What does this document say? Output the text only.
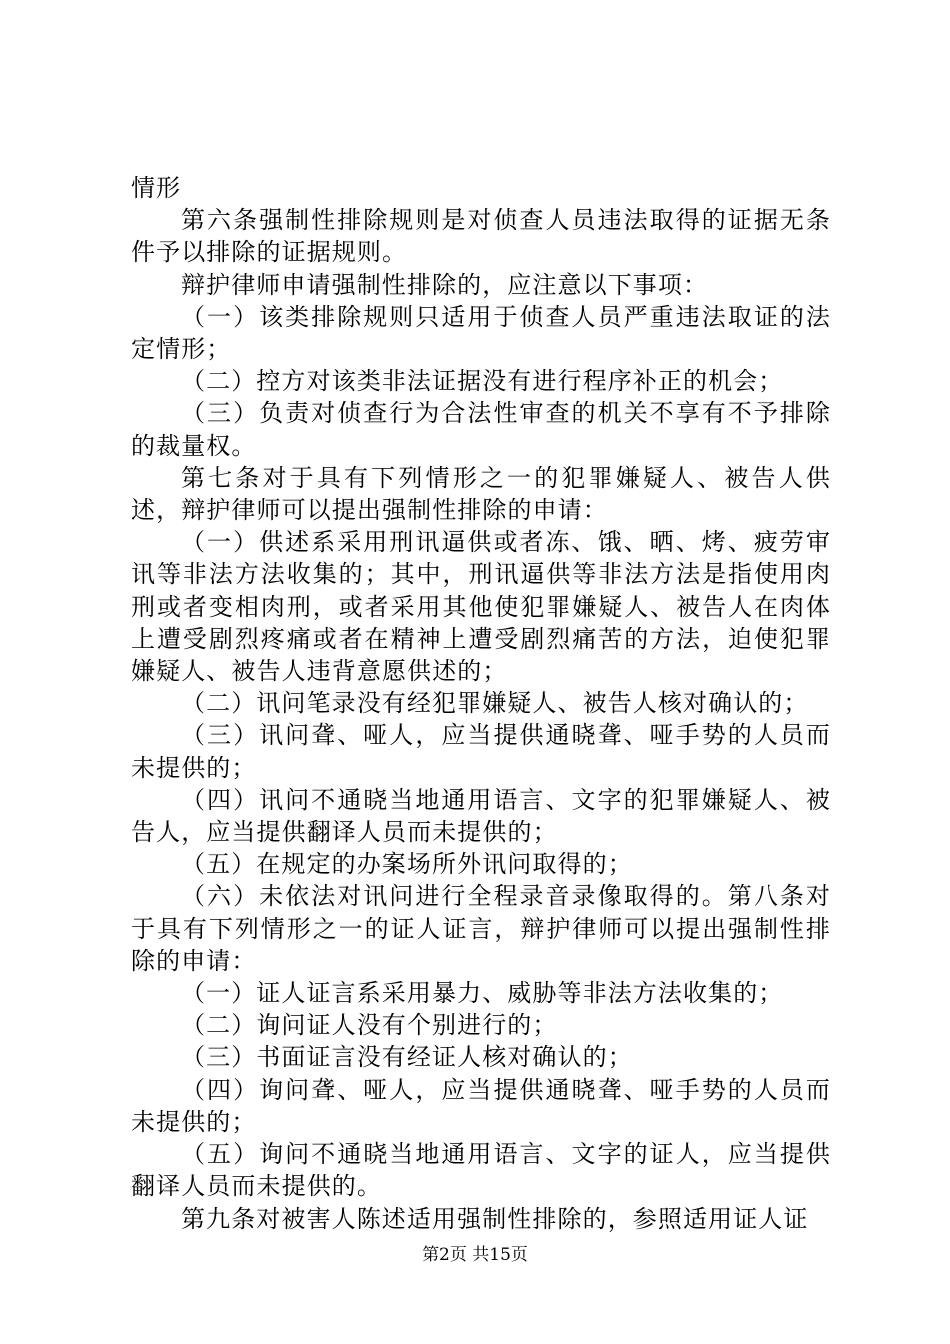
情形

第六条强制性排除规则是对侦查人员违法取得的证据无条件予以排除的证据规则。

辩护律师申请强制性排除的，应注意以下事项：

（一）该类排除规则只适用于侦查人员严重违法取证的法定情形；

（二）控方对该类非法证据没有进行程序补正的机会；

（三）负责对侦查行为合法性审查的机关不享有不予排除的裁量权。

第七条对于具有下列情形之一的犯罪嫌疑人、被告人供述，辩护律师可以提出强制性排除的申请：

（一）供述系采用刑讯逼供或者冻、饿、晒、烤、疲劳审讯等非法方法收集的；其中，刑讯逼供等非法方法是指使用肉刑或者变相肉刑，或者采用其他使犯罪嫌疑人、被告人在肉体上遭受剧烈疼痛或者在精神上遭受剧烈痛苦的方法，迫使犯罪嫌疑人、被告人违背意愿供述的；

（二）讯问笔录没有经犯罪嫌疑人、被告人核对确认的；

（三）讯问聋、哑人，应当提供通晓聋、哑手势的人员而未提供的；

（四）讯问不通晓当地通用语言、文字的犯罪嫌疑人、被告人，应当提供翻译人员而未提供的；

（五）在规定的办案场所外讯问取得的；

（六）未依法对讯问进行全程录音录像取得的。第八条对于具有下列情形之一的证人证言，辩护律师可以提出强制性排除的申请：

（一）证人证言系采用暴力、威胁等非法方法收集的；

（二）询问证人没有个别进行的；

（三）书面证言没有经证人核对确认的；

（四）询问聋、哑人，应当提供通晓聋、哑手势的人员而未提供的；

（五）询问不通晓当地通用语言、文字的证人，应当提供翻译人员而未提供的。

第九条对被害人陈述适用强制性排除的，参照适用证人证

第2页 共15页
